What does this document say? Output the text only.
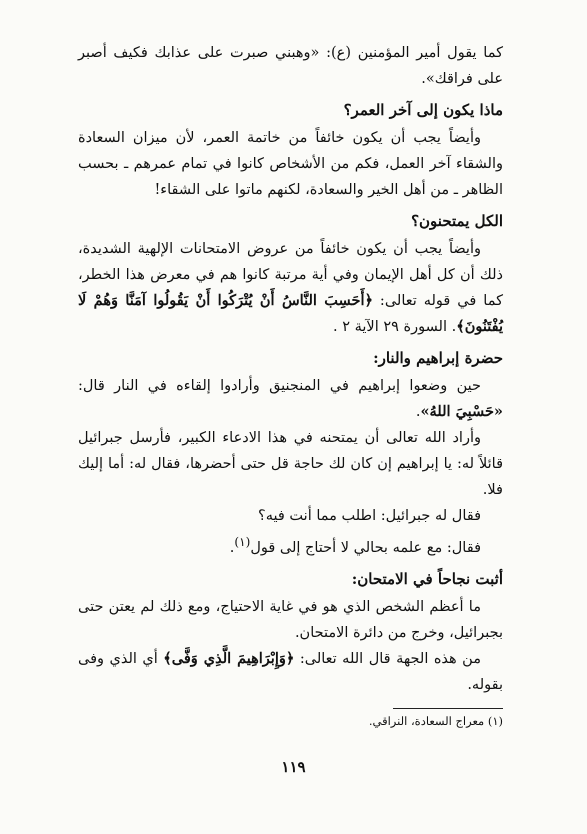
كما يقول أمير المؤمنين (ع): «وهبني صبرت على عذابك فكيف أصبر على فراقك».

ماذا يكون إلى آخر العمر؟

وأيضاً يجب أن يكون خائفاً من خاتمة العمر، لأن ميزان السعادة والشقاء آخر العمل، فكم من الأشخاص كانوا في تمام عمرهم ـ بحسب الظاهر ـ من أهل الخير والسعادة، لكنهم ماتوا على الشقاء!

الكل يمتحنون؟

وأيضاً يجب أن يكون خائفاً من عروض الامتحانات الإلهية الشديدة، ذلك أن كل أهل الإيمان وفي أية مرتبة كانوا هم في معرض هذا الخطر، كما في قوله تعالى: ﴿أَحَسِبَ النَّاسُ أَنْ يُتْرَكُوا أَنْ يَقُولُوا آمَنَّا وَهُمْ لَا يُفْتَنُونَ﴾. السورة ٢٩ الآية ٢ .

حضرة إبراهيم والنار:

حين وضعوا إبراهيم في المنجنيق وأرادوا إلقاءه في النار قال: «حَسْبِيَ اللهُ».

وأراد الله تعالى أن يمتحنه في هذا الادعاء الكبير، فأرسل جبرائيل قائلاً له: يا إبراهيم إن كان لك حاجة قل حتى أحضرها، فقال له: أما إليك فلا.

فقال له جبرائيل: اطلب مما أنت فيه؟

فقال: مع علمه بحالي لا أحتاج إلى قول$^{(١)}$.

أثبت نجاحاً في الامتحان:

ما أعظم الشخص الذي هو في غاية الاحتياج، ومع ذلك لم يعتن حتى بجبرائيل، وخرج من دائرة الامتحان.

من هذه الجهة قال الله تعالى: ﴿وَإِبْرَاهِيمَ الَّذِي وَفَّى﴾ أي الذي وفى بقوله.

(١) معراج السعادة، النراقي.

١١٩
